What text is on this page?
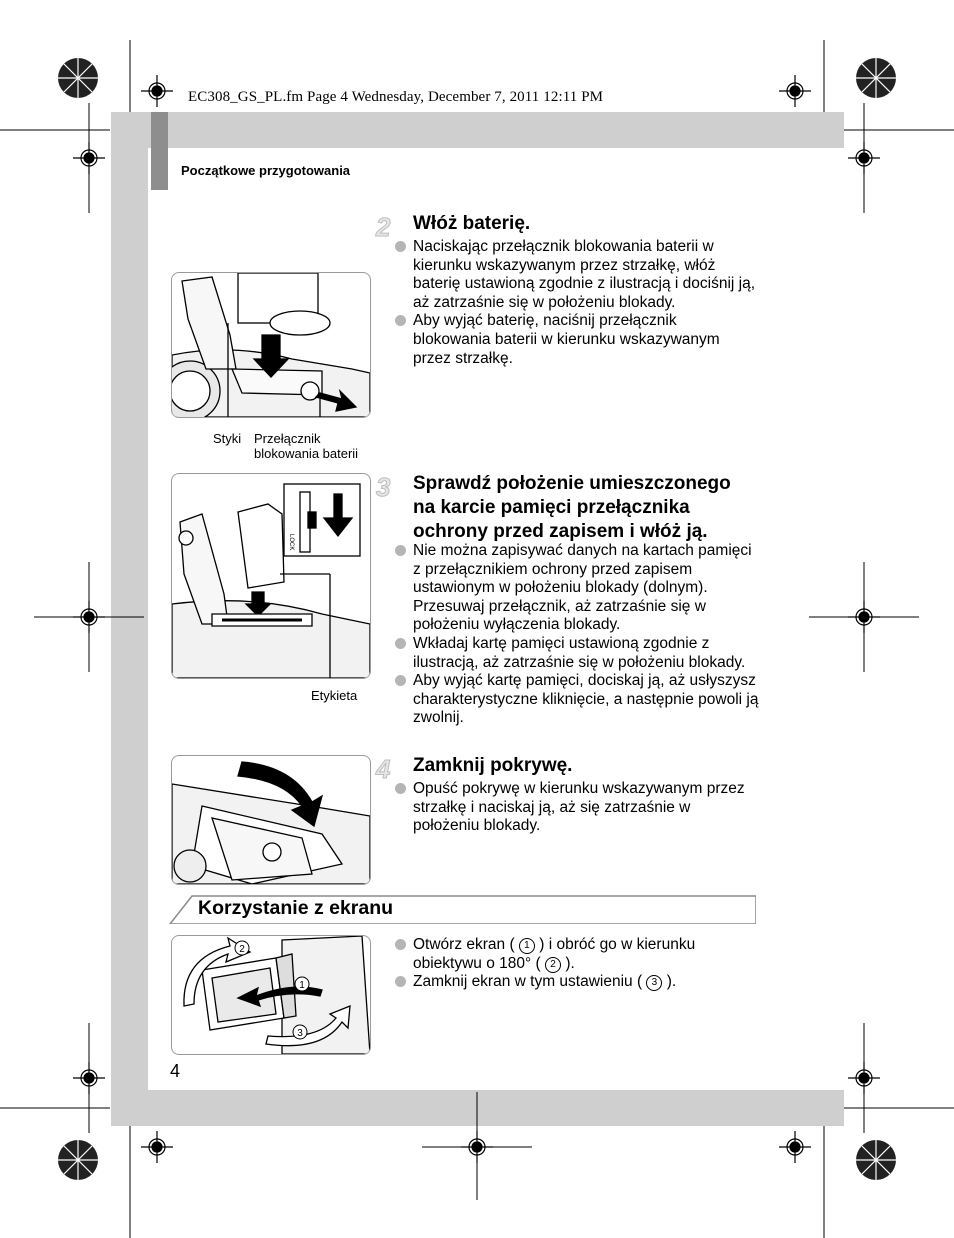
EC308_GS_PL.fm Page 4 Wednesday, December 7, 2011 12:11 PM
Początkowe przygotowania
2 Włóż baterię.
Naciskając przełącznik blokowania baterii w kierunku wskazywanym przez strzałkę, włóż baterię ustawioną zgodnie z ilustracją i dociśnij ją, aż zatrzaśnie się w położeniu blokady.
Aby wyjąć baterię, naciśnij przełącznik blokowania baterii w kierunku wskazywanym przez strzałkę.
Styki Przełącznik
blokowania baterii
3 Sprawdź położenie umieszczonego
na karcie pamięci przełącznika
ochrony przed zapisem i włóż ją.
Nie można zapisywać danych na kartach pamięci z przełącznikiem ochrony przed zapisem ustawionym w położeniu blokady (dolnym). Przesuwaj przełącznik, aż zatrzaśnie się w położeniu wyłączenia blokady.
Wkładaj kartę pamięci ustawioną zgodnie z ilustracją, aż zatrzaśnie się w położeniu blokady.
Aby wyjąć kartę pamięci, dociskaj ją, aż usłyszysz charakterystyczne kliknięcie, a następnie powoli ją zwolnij.
LOCK
Etykieta
4 Zamknij pokrywę.
Opuść pokrywę w kierunku wskazywanym przez strzałkę i naciskaj ją, aż się zatrzaśnie w położeniu blokady.
Korzystanie z ekranu
Otwórz ekran ( 1 ) i obróć go w kierunku obiektywu o 180° ( 2 ).
Zamknij ekran w tym ustawieniu ( 3 ).
2
1
3
4
